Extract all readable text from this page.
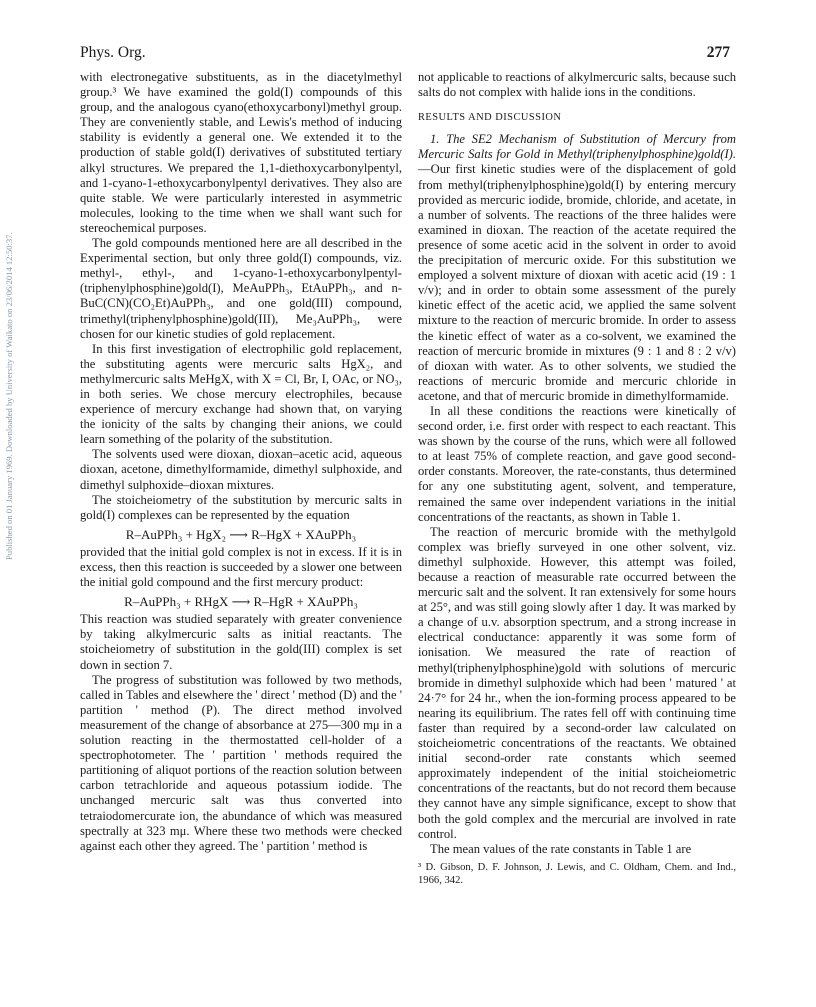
Published on 01 January 1969. Downloaded by University of Waikato on 23/06/2014 12:50:37.
Phys. Org.	277

with electronegative substituents, as in the diacetylmethyl group.³ We have examined the gold(I) compounds of this group, and the analogous cyano(ethoxycarbonyl)methyl group. They are conveniently stable, and Lewis's method of inducing stability is evidently a general one. We extended it to the production of stable gold(I) derivatives of substituted tertiary alkyl structures. We prepared the 1,1-diethoxycarbonylpentyl, and 1-cyano-1-ethoxycarbonylpentyl derivatives. They also are quite stable. We were particularly interested in asymmetric molecules, looking to the time when we shall want such for stereochemical purposes.

The gold compounds mentioned here are all described in the Experimental section, but only three gold(I) compounds, viz. methyl-, ethyl-, and 1-cyano-1-ethoxycarbonylpentyl-(triphenylphosphine)gold(I), MeAuPPh₃, EtAuPPh₃, and n-BuC(CN)(CO₂Et)AuPPh₃, and one gold(III) compound, trimethyl(triphenylphosphine)gold(III), Me₃AuPPh₃, were chosen for our kinetic studies of gold replacement.

In this first investigation of electrophilic gold replacement, the substituting agents were mercuric salts HgX₂, and methylmercuric salts MeHgX, with X = Cl, Br, I, OAc, or NO₃, in both series. We chose mercury electrophiles, because experience of mercury exchange had shown that, on varying the ionicity of the salts by changing their anions, we could learn something of the polarity of the substitution.

The solvents used were dioxan, dioxan–acetic acid, aqueous dioxan, acetone, dimethylformamide, dimethyl sulphoxide, and dimethyl sulphoxide–dioxan mixtures.

The stoicheiometry of the substitution by mercuric salts in gold(I) complexes can be represented by the equation

R–AuPPh₃ + HgX₂ ⟶ R–HgX + XAuPPh₃

provided that the initial gold complex is not in excess. If it is in excess, then this reaction is succeeded by a slower one between the initial gold compound and the first mercury product:

R–AuPPh₃ + RHgX ⟶ R–HgR + XAuPPh₃

This reaction was studied separately with greater convenience by taking alkylmercuric salts as initial reactants. The stoicheiometry of substitution in the gold(III) complex is set down in section 7.

The progress of substitution was followed by two methods, called in Tables and elsewhere the ' direct ' method (D) and the ' partition ' method (P). The direct method involved measurement of the change of absorbance at 275—300 mμ in a solution reacting in the thermostatted cell-holder of a spectrophotometer. The ' partition ' methods required the partitioning of aliquot portions of the reaction solution between carbon tetrachloride and aqueous potassium iodide. The unchanged mercuric salt was thus converted into tetraiodomercurate ion, the abundance of which was measured spectrally at 323 mμ. Where these two methods were checked against each other they agreed. The ' partition ' method is

not applicable to reactions of alkylmercuric salts, because such salts do not complex with halide ions in the conditions.

RESULTS AND DISCUSSION

1. The SE2 Mechanism of Substitution of Mercury from Mercuric Salts for Gold in Methyl(triphenylphosphine)gold(I).—Our first kinetic studies were of the displacement of gold from methyl(triphenylphosphine)gold(I) by entering mercury provided as mercuric iodide, bromide, chloride, and acetate, in a number of solvents. The reactions of the three halides were examined in dioxan. The reaction of the acetate required the presence of some acetic acid in the solvent in order to avoid the precipitation of mercuric oxide. For this substitution we employed a solvent mixture of dioxan with acetic acid (19 : 1 v/v); and in order to obtain some assessment of the purely kinetic effect of the acetic acid, we applied the same solvent mixture to the reaction of mercuric bromide. In order to assess the kinetic effect of water as a co-solvent, we examined the reaction of mercuric bromide in mixtures (9 : 1 and 8 : 2 v/v) of dioxan with water. As to other solvents, we studied the reactions of mercuric bromide and mercuric chloride in acetone, and that of mercuric bromide in dimethylformamide.

In all these conditions the reactions were kinetically of second order, i.e. first order with respect to each reactant. This was shown by the course of the runs, which were all followed to at least 75% of complete reaction, and gave good second-order constants. Moreover, the rate-constants, thus determined for any one substituting agent, solvent, and temperature, remained the same over independent variations in the initial concentrations of the reactants, as shown in Table 1.

The reaction of mercuric bromide with the methylgold complex was briefly surveyed in one other solvent, viz. dimethyl sulphoxide. However, this attempt was foiled, because a reaction of measurable rate occurred between the mercuric salt and the solvent. It ran extensively for some hours at 25°, and was still going slowly after 1 day. It was marked by a change of u.v. absorption spectrum, and a strong increase in electrical conductance: apparently it was some form of ionisation. We measured the rate of reaction of methyl(triphenylphosphine)gold with solutions of mercuric bromide in dimethyl sulphoxide which had been ' matured ' at 24·7° for 24 hr., when the ion-forming process appeared to be nearing its equilibrium. The rates fell off with continuing time faster than required by a second-order law calculated on stoicheiometric concentrations of the reactants. We obtained initial second-order rate constants which seemed approximately independent of the initial stoicheiometric concentrations of the reactants, but do not record them because they cannot have any simple significance, except to show that both the gold complex and the mercurial are involved in rate control.

The mean values of the rate constants in Table 1 are

³ D. Gibson, D. F. Johnson, J. Lewis, and C. Oldham, Chem. and Ind., 1966, 342.
